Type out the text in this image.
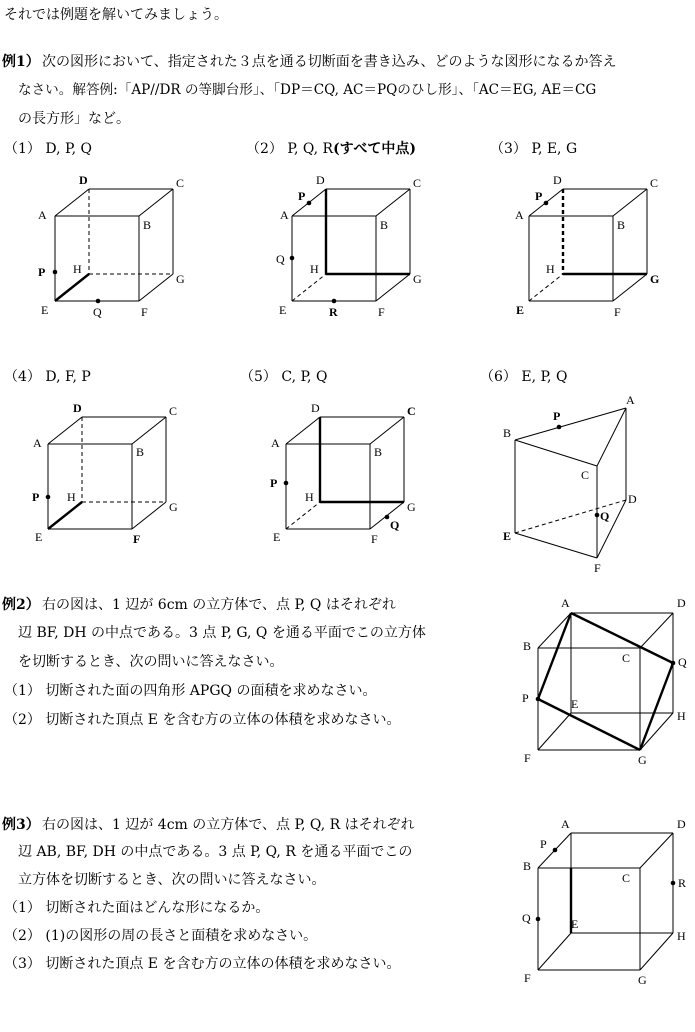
それでは例題を解いてみましょう。
例1） 次の図形において、指定された３点を通る切断面を書き込み、どのような図形になるか答え
なさい。解答例:「AP//DR の等脚台形」、「DP＝CQ, AC＝PQのひし形」、「AC＝EG, AE＝CG
の長方形」など。
（1） D, P, Q	（2） P, Q, R(すべて中点)	（3） P, E, G
（4） D, F, P	（5） C, P, Q	（6） E, P, Q
D	C
A
B
H
P	G
E	Q	F
D	C
P
A
B
Q
H
G
E	R	F
D	C
P
A
B
H
G
E	F
D	C
A
B
P H
G
E	F
D	C
A
B
P
H
G
E	F
Q
A
P
B
C
D
Q
E
F
例2） 右の図は、1 辺が 6cm の立方体で、点 P, Q はそれぞれ
辺 BF, DH の中点である。3 点 P, G, Q を通る平面でこの立方体
を切断するとき、次の問いに答えなさい。
（1） 切断された面の四角形 APGQ の面積を求めなさい。
（2） 切断された頂点 E を含む方の立体の体積を求めなさい。
A	D
B
C	Q
P	E
H
F	G
例3） 右の図は、1 辺が 4cm の立方体で、点 P, Q, R はそれぞれ
辺 AB, BF, DH の中点である。3 点 P, Q, R を通る平面でこの
立方体を切断するとき、次の問いに答えなさい。
（1） 切断された面はどんな形になるか。
（2） (1)の図形の周の長さと面積を求めなさい。
（3） 切断された頂点 E を含む方の立体の体積を求めなさい。
A	D
P
B
C	R
Q	E
H
F	G
